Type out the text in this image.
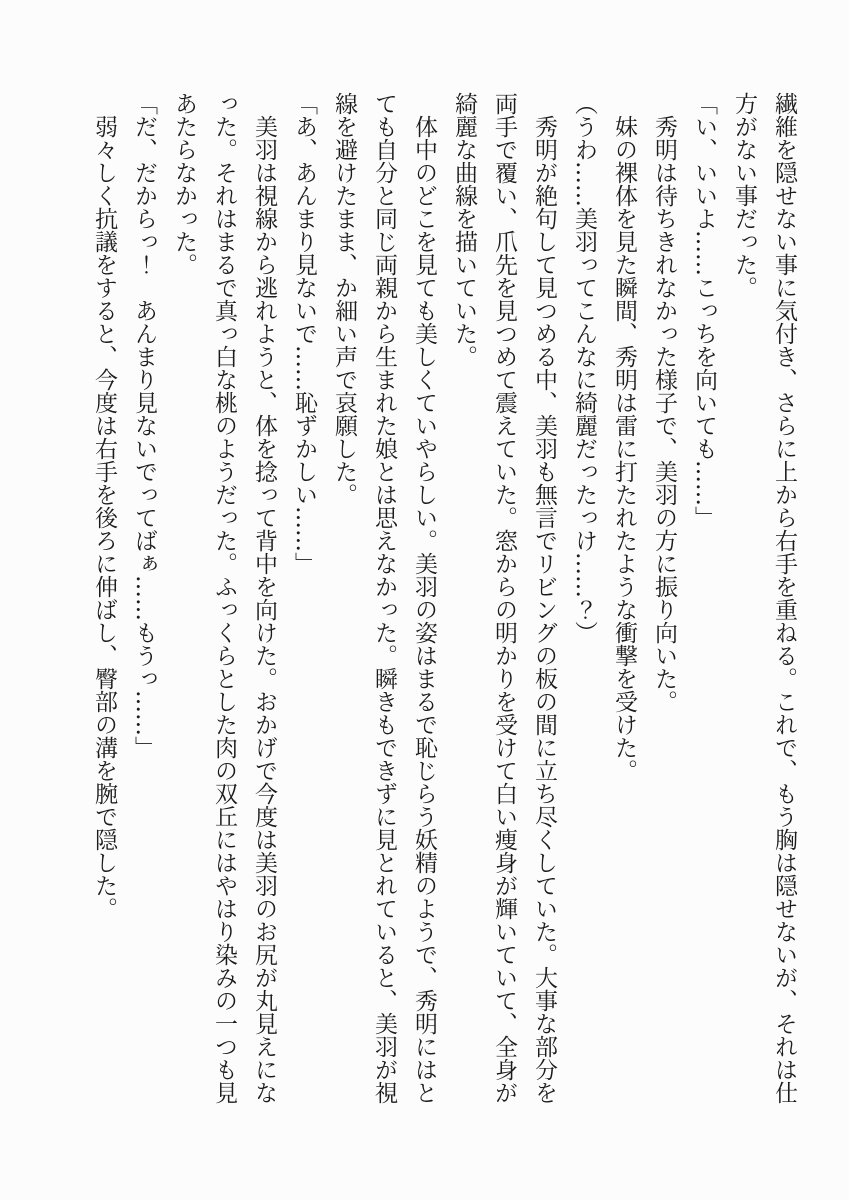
繊維を隠せない事に気付き、さらに上から右手を重ねる。これで、もう胸は隠せないが、それは仕方がない事だった。

「い、いいよ……こっちを向いても……」

　秀明は待ちきれなかった様子で、美羽の方に振り向いた。

　妹の裸体を見た瞬間、秀明は雷に打たれたような衝撃を受けた。

（うわ……美羽ってこんなに綺麗だったっけ……？）

　秀明が絶句して見つめる中、美羽も無言でリビングの板の間に立ち尽くしていた。大事な部分を両手で覆い、爪先を見つめて震えていた。窓からの明かりを受けて白い痩身が輝いていて、全身が綺麗な曲線を描いていた。

　体中のどこを見ても美しくていやらしい。美羽の姿はまるで恥じらう妖精のようで、秀明にはとても自分と同じ両親から生まれた娘とは思えなかった。瞬きもできずに見とれていると、美羽が視線を避けたまま、か細い声で哀願した。

「あ、あんまり見ないで……恥ずかしい……」

　美羽は視線から逃れようと、体を捻って背中を向けた。おかげで今度は美羽のお尻が丸見えになった。それはまるで真っ白な桃のようだった。ふっくらとした肉の双丘にはやはり染みの一つも見あたらなかった。

「だ、だからっ！　あんまり見ないでってばぁ……もうっ……」

　弱々しく抗議をすると、今度は右手を後ろに伸ばし、臀部の溝を腕で隠した。
